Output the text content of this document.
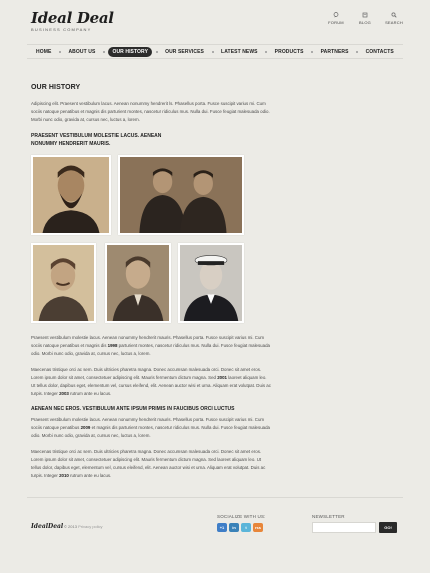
Ideal Deal
BUSINESS COMPANY
FORUM	BLOG	SEARCH
HOME	ABOUT US	OUR HISTORY	OUR SERVICES	LATEST NEWS	PRODUCTS	PARTNERS	CONTACTS
OUR HISTORY
Adipiscing elit. Praesent vestibulum lacus. Aenean nonummy hendrerit ls. Phasellus porta. Fusce suscipit varius mi. Cum sociis natoque penatibus et magnis dis parturient montes, nascetur ridiculus mus. Nulla dui. Fusce feugiat malesuada odio. Morbi nunc odio, gravida at, cursus nec, luctus a, lorem.
PRAESENT VESTIBULUM MOLESTIE LACUS. AENEAN
NONUMMY HENDRERIT MAURIS.
Praesent vestibulum molestie lacus. Aenean nonummy hendrerit mauris. Phasellus porta. Fusce suscipit varius mi. Cum sociis natoque penatibus et magnis dis 1998 parturient montes, nascetur ridiculus mus. Nulla dui. Fusce feugiat malesuada odio. Morbi nunc odio, gravida at, cursus nec, luctus a, lorem.
Maecenas tristique orci ac sem. Duis ultricies pharetra magna. Donec accumsan malesuada orci. Donec sit amet eros. Lorem ipsum dolor sit amet, consectetuer adipiscing elit. Mauris fermentum dictum magna. Sed 2001 laoreet aliquam leo. Ut tellus dolor, dapibus eget, elementum vel, cursus eleifend, elit. Aenean auctor wisi et urna. Aliquam erat volutpat. Duis ac turpis. Integer 2003 rutrum ante eu lacus.
AENEAN NEC EROS. VESTIBULUM ANTE IPSUM PRIMIS IN FAUCIBUS ORCI LUCTUS
Praesent vestibulum molestie lacus. Aenean nonummy hendrerit mauris. Phasellus porta. Fusce suscipit varius mi. Cum sociis natoque penatibus 2009 et magnis dis parturient montes, nascetur ridiculus mus. Nulla dui. Fusce feugiat malesuada odio. Morbi nunc odio, gravida at, cursus nec, luctus a, lorem.
Maecenas tristique orci ac sem. Duis ultricies pharetra magna. Donec accumsan malesuada orci. Donec sit amet eros. Lorem ipsum dolor sit amet, consectetuer adipiscing elit. Mauris fermentum dictum magna. Sed laoreet aliquam leo. Ut tellus dolor, dapibus eget, elementum vel, cursus eleifend, elit. Aenean auctor wisi et urna. Aliquam erat volutpat. Duis ac turpis. Integer 2010 rutrum ante eu lacus.
IdealDeal © 2013 Privacy policy
SOCIALIZE WITH US:
+1	in	t	rss
NEWSLETTER
GO!
